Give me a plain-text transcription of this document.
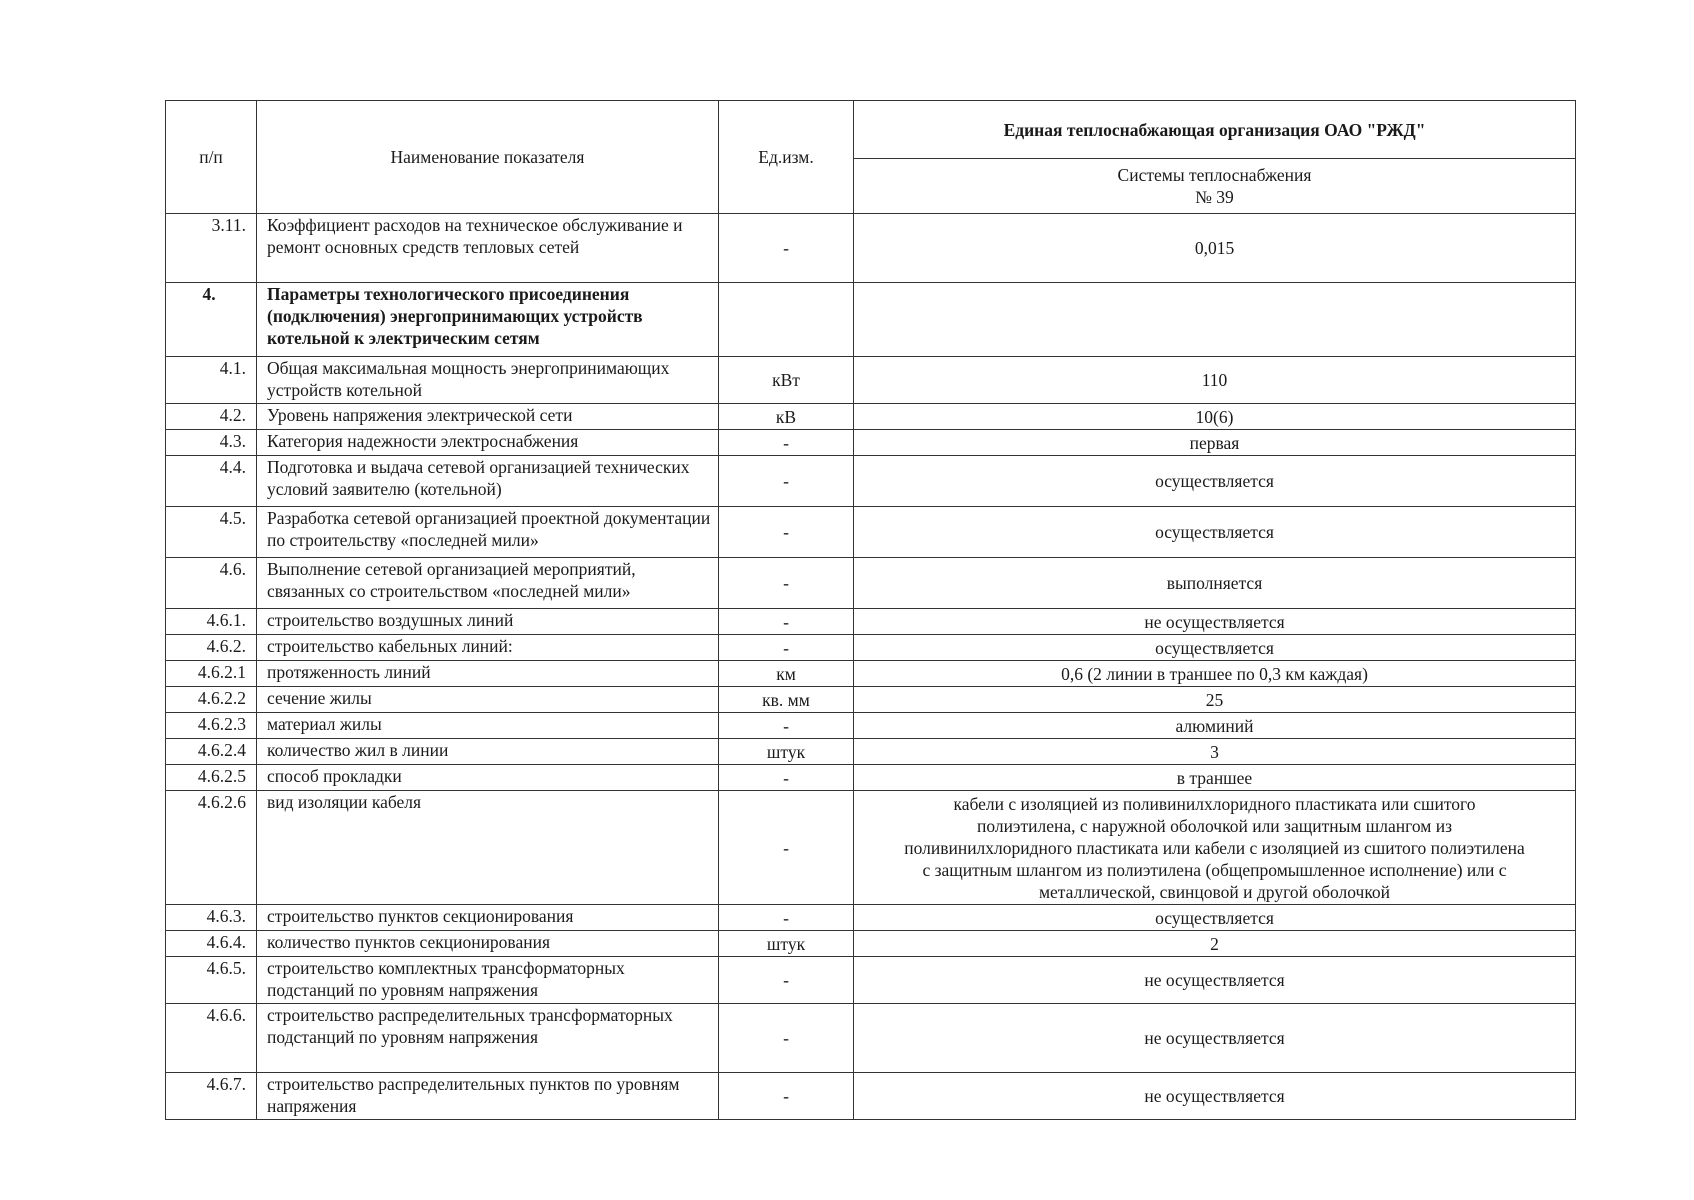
п/п	Наименование показателя	Ед.изм.	Единая теплоснабжающая организация ОАО "РЖД"

			Системы теплоснабжения
№ 39

3.11.	Коэффициент расходов на техническое обслуживание и ремонт основных средств тепловых сетей	-	0,015
4.	Параметры технологического присоединения (подключения) энергопринимающих устройств котельной к электрическим сетям		
4.1.	Общая максимальная мощность энергопринимающих устройств котельной	кВт	110
4.2.	Уровень напряжения электрической сети	кВ	10(6)
4.3.	Категория надежности электроснабжения	-	первая
4.4.	Подготовка и выдача сетевой организацией технических условий заявителю (котельной)	-	осуществляется
4.5.	Разработка сетевой организацией проектной документации по строительству «последней мили»	-	осуществляется
4.6.	Выполнение сетевой организацией мероприятий, связанных со строительством «последней мили»	-	выполняется
4.6.1.	строительство воздушных линий	-	не осуществляется
4.6.2.	строительство кабельных линий:	-	осуществляется
4.6.2.1	протяженность линий	км	0,6 (2 линии в траншее по 0,3 км каждая)
4.6.2.2	сечение жилы	кв. мм	25
4.6.2.3	материал жилы	-	алюминий
4.6.2.4	количество жил в линии	штук	3
4.6.2.5	способ прокладки	-	в траншее
4.6.2.6	вид изоляции кабеля	-	кабели с изоляцией из поливинилхлоридного пластиката или сшитого полиэтилена, с наружной оболочкой или защитным шлангом из поливинилхлоридного пластиката или кабели с изоляцией из сшитого полиэтилена с защитным шлангом из полиэтилена (общепромышленное исполнение) или с металлической, свинцовой и другой оболочкой
4.6.3.	строительство пунктов секционирования	-	осуществляется
4.6.4.	количество пунктов секционирования	штук	2
4.6.5.	строительство комплектных трансформаторных подстанций по уровням напряжения	-	не осуществляется
4.6.6.	строительство распределительных трансформаторных подстанций по уровням напряжения	-	не осуществляется
4.6.7.	строительство распределительных пунктов по уровням напряжения	-	не осуществляется
